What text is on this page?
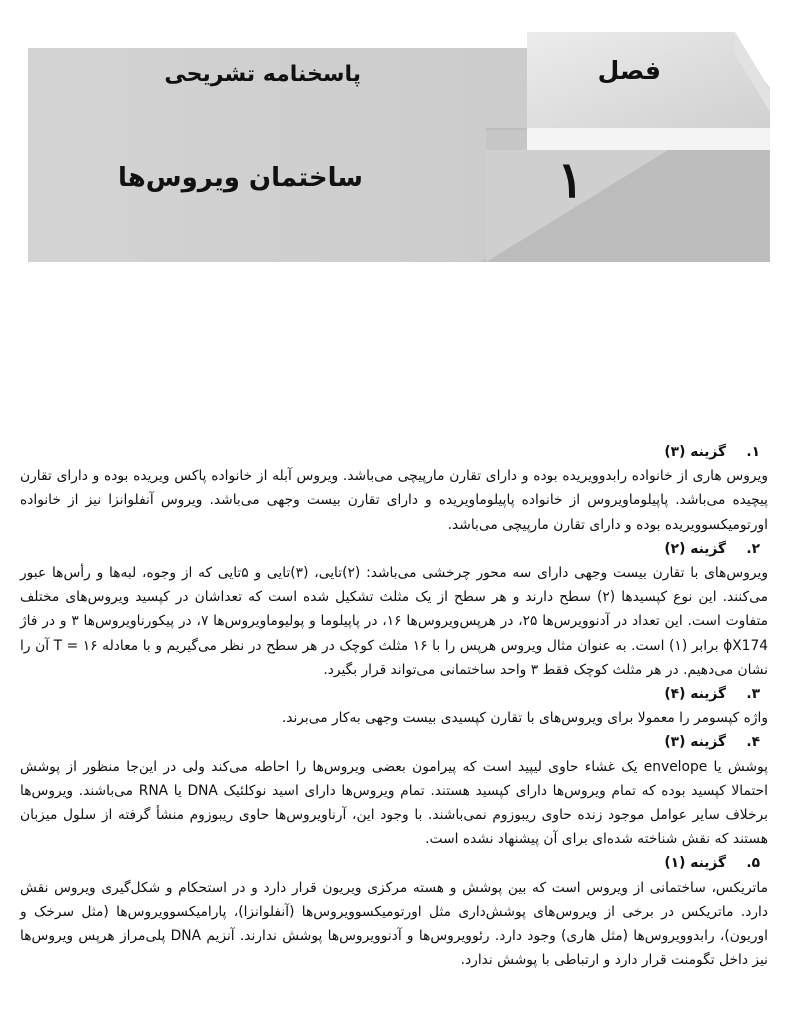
فصل
۱
پاسخنامه تشریحی
ساختمان ویروس‌ها
۱.
گزینه (۳)
ویروس هاری از خانواده رابدوویریده بوده و دارای تقارن مارپیچی می‌باشد. ویروس آبله از خانواده پاکس ویریده بوده و دارای تقارن پیچیده می‌باشد. پاپیلوماویروس از خانواده پاپیلوماویریده و دارای تقارن بیست وجهی می‌باشد. ویروس آنفلوانزا نیز از خانواده اورتومیکسوویریده بوده و دارای تقارن مارپیچی می‌باشد.
۲.
گزینه (۲)
ویروس‌های با تقارن بیست وجهی دارای سه محور چرخشی می‌باشد: (۲)تایی، (۳)تایی و ۵تایی که از وجوه، لبه‌ها و رأس‌ها عبور می‌کنند. این نوع کپسیدها (۲) سطح دارند و هر سطح از یک مثلث تشکیل شده است که تعداشان در کپسید ویروس‌های مختلف متفاوت است. این تعداد در آدنوویرس‌ها ۲۵، در هرپس‌ویروس‌ها ۱۶، در پاپیلوما و پولیوماویروس‌ها ۷، در پیکورناویروس‌ها ۳ و در فاژ ϕX174 برابر (۱) است. به عنوان مثال ویروس هرپس را با ۱۶ مثلث کوچک در هر سطح در نظر می‌گیریم و با معادله ۱۶ = T آن را نشان می‌دهیم. در هر مثلث کوچک فقط ۳ واحد ساختمانی می‌تواند قرار بگیرد.
۳.
گزینه (۴)
واژه کپسومر را معمولا برای ویروس‌های با تقارن کپسیدی بیست وجهی به‌کار می‌برند.
۴.
گزینه (۳)
پوشش یا envelope یک غشاء حاوی لیپید است که پیرامون بعضی ویروس‌ها را احاطه می‌کند ولی در این‌جا منظور از پوشش احتمالا کپسید بوده که تمام ویروس‌ها دارای کپسید هستند. تمام ویروس‌ها دارای اسید نوکلئیک DNA یا RNA می‌باشند. ویروس‌ها برخلاف سایر عوامل موجود زنده حاوی ریبوزوم نمی‌باشند. با وجود این، آرناویروس‌ها حاوی ریبوزوم منشأ گرفته از سلول میزبان هستند که نقش شناخته شده‌ای برای آن پیشنهاد نشده است.
۵.
گزینه (۱)
ماتریکس، ساختمانی از ویروس است که بین پوشش و هسته مرکزی ویریون قرار دارد و در استحکام و شکل‌گیری ویروس نقش دارد. ماتریکس در برخی از ویروس‌های پوشش‌داری مثل اورتومیکسوویروس‌ها (آنفلوانزا)، پارامیکسوویروس‌ها (مثل سرخک و اوریون)، رابدوویروس‌ها (مثل هاری) وجود دارد. رئوویروس‌ها و آدنوویروس‌ها پوشش ندارند. آنزیم DNA پلی‌مراز هرپس ویروس‌ها نیز داخل تگومنت قرار دارد و ارتباطی با پوشش ندارد.
